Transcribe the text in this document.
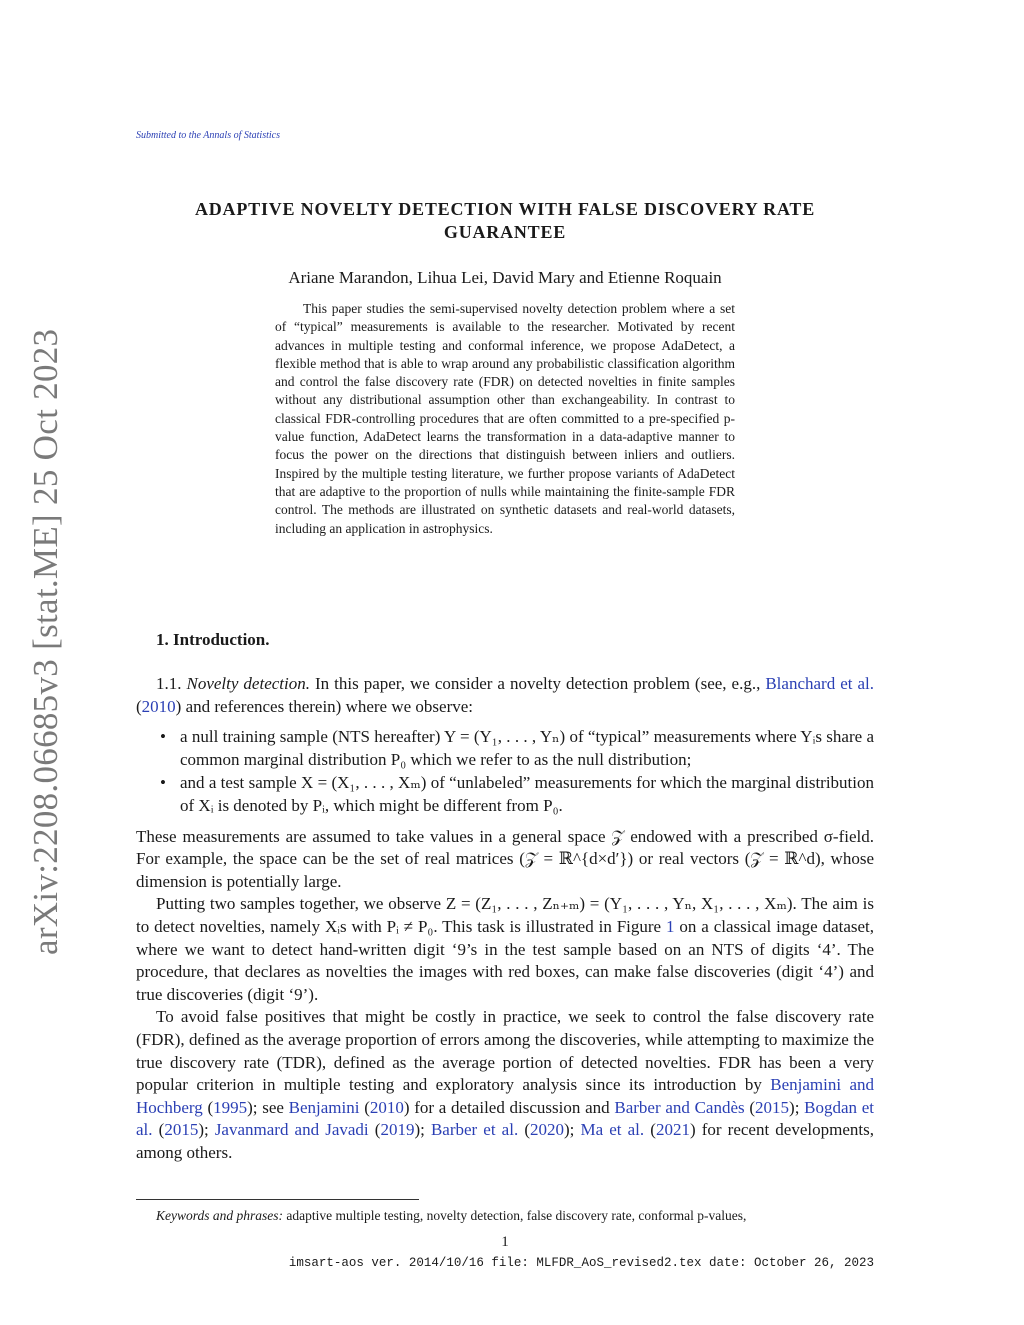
Submitted to the Annals of Statistics
arXiv:2208.06685v3 [stat.ME] 25 Oct 2023
ADAPTIVE NOVELTY DETECTION WITH FALSE DISCOVERY RATE
GUARANTEE
Ariane Marandon, Lihua Lei, David Mary and Etienne Roquain

This paper studies the semi-supervised novelty detection problem where a set of “typical” measurements is available to the researcher. Motivated by recent advances in multiple testing and conformal inference, we propose AdaDetect, a flexible method that is able to wrap around any probabilistic classification algorithm and control the false discovery rate (FDR) on detected novelties in finite samples without any distributional assumption other than exchangeability. In contrast to classical FDR-controlling procedures that are often committed to a pre-specified p-value function, AdaDetect learns the transformation in a data-adaptive manner to focus the power on the directions that distinguish between inliers and outliers. Inspired by the multiple testing literature, we further propose variants of AdaDetect that are adaptive to the proportion of nulls while maintaining the finite-sample FDR control. The methods are illustrated on synthetic datasets and real-world datasets, including an application in astrophysics.

1. Introduction.

1.1. Novelty detection. In this paper, we consider a novelty detection problem (see, e.g., Blanchard et al. (2010) and references therein) where we observe:

• a null training sample (NTS hereafter) Y = (Y₁, . . . , Yₙ) of “typical” measurements where Yᵢs share a common marginal distribution P₀ which we refer to as the null distribution;
• and a test sample X = (X₁, . . . , Xₘ) of “unlabeled” measurements for which the marginal distribution of Xᵢ is denoted by Pᵢ, which might be different from P₀.

These measurements are assumed to take values in a general space 𝒵 endowed with a prescribed σ-field. For example, the space can be the set of real matrices (𝒵 = ℝ^{d×d′}) or real vectors (𝒵 = ℝ^d), whose dimension is potentially large.

Putting two samples together, we observe Z = (Z₁, . . . , Zₙ₊ₘ) = (Y₁, . . . , Yₙ, X₁, . . . , Xₘ). The aim is to detect novelties, namely Xᵢs with Pᵢ ≠ P₀. This task is illustrated in Figure 1 on a classical image dataset, where we want to detect hand-written digit ‘9’s in the test sample based on an NTS of digits ‘4’. The procedure, that declares as novelties the images with red boxes, can make false discoveries (digit ‘4’) and true discoveries (digit ‘9’).

To avoid false positives that might be costly in practice, we seek to control the false discovery rate (FDR), defined as the average proportion of errors among the discoveries, while attempting to maximize the true discovery rate (TDR), defined as the average portion of detected novelties. FDR has been a very popular criterion in multiple testing and exploratory analysis since its introduction by Benjamini and Hochberg (1995); see Benjamini (2010) for a detailed discussion and Barber and Candès (2015); Bogdan et al. (2015); Javanmard and Javadi (2019); Barber et al. (2020); Ma et al. (2021) for recent developments, among others.

Keywords and phrases: adaptive multiple testing, novelty detection, false discovery rate, conformal p-values,
1
imsart-aos ver. 2014/10/16 file: MLFDR_AoS_revised2.tex date: October 26, 2023
